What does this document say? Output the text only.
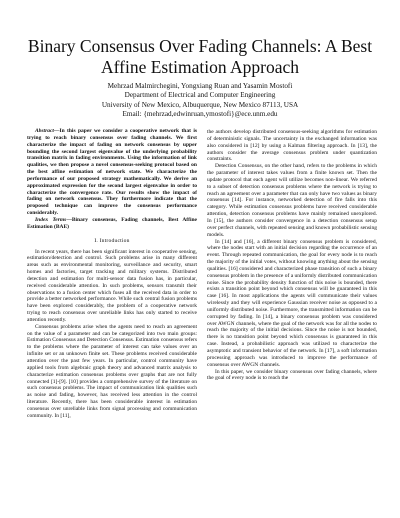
Binary Consensus Over Fading Channels: A Best
Affine Estimation Approach
Mehrzad Malmirchegini, Yongxiang Ruan and Yasamin Mostofi
Department of Electrical and Computer Engineering
University of New Mexico, Albuquerque, New Mexico 87113, USA
Email: {mehrzad,edwinruan,ymostofi}@ece.unm.edu

Abstract—In this paper we consider a cooperative network that is trying to reach binary consensus over fading channels. We first characterize the impact of fading on network consensus by upper bounding the second largest eigenvalue of the underlying probability transition matrix in fading environments. Using the information of link qualities, we then propose a novel consensus-seeking protocol based on the best affine estimation of network state. We characterize the performance of our proposed strategy mathematically. We derive an approximated expression for the second largest eigenvalue in order to characterize the convergence rate. Our results show the impact of fading on network consensus. They furthermore indicate that the proposed technique can improve the consensus performance considerably.

Index Terms—Binary consensus, Fading channels, Best Affine Estimation (BAE)

I. Introduction

In recent years, there has been significant interest in cooperative sensing, estimation/detection and control. Such problems arise in many different areas such as environmental monitoring, surveillance and security, smart homes and factories, target tracking and military systems. Distributed detection and estimation for multi-sensor data fusion has, in particular, received considerable attention. In such problems, sensors transmit their observations to a fusion center which fuses all the received data in order to provide a better networked performance. While such central fusion problems have been explored considerably, the problem of a cooperative network trying to reach consensus over unreliable links has only started to receive attention recently.

Consensus problems arise when the agents need to reach an agreement on the value of a parameter and can be categorized into two main groups: Estimation Consensus and Detection Consensus. Estimation consensus refers to the problems where the parameter of interest can take values over an infinite set or an unknown finite set. These problems received considerable attention over the past few years. In particular, control community have applied tools from algebraic graph theory and advanced matrix analysis to characterize estimation consensus problems over graphs that are not fully connected [1]-[9]. [10] provides a comprehensive survey of the literature on such consensus problems. The impact of communication link qualities such as noise and fading, however, has received less attention in the control literature. Recently, there has been considerable interest in estimation consensus over unreliable links from signal processing and communication community. In [11],

the authors develop distributed consensus-seeking algorithms for estimation of deterministic signals. The uncertainty in the exchanged information was also considered in [12] by using a Kalman filtering approach. In [13], the authors consider the average consensus problem under quantization constraints.

Detection Consensus, on the other hand, refers to the problems in which the parameter of interest takes values from a finite known set. Then the update protocol that each agent will utilize becomes non-linear. We referred to a subset of detection consensus problems where the network is trying to reach an agreement over a parameter that can only have two values as binary consensus [14]. For instance, networked detection of fire falls into this category. While estimation consensus problems have received considerable attention, detection consensus problems have mainly remained unexplored. In [15], the authors consider convergence in a detection consensus setup over perfect channels, with repeated sensing and known probabilistic sensing models.

In [14] and [16], a different binary consensus problem is considered, where the nodes start with an initial decision regarding the occurrence of an event. Through repeated communication, the goal for every node is to reach the majority of the initial votes, without knowing anything about the sensing qualities. [16] considered and characterized phase transition of such a binary consensus problem in the presence of a uniformly distributed communication noise. Since the probability density function of this noise is bounded, there exists a transition point beyond which consensus will be guaranteed in this case [16]. In most applications the agents will communicate their values wirelessly and they will experience Gaussian receiver noise as opposed to a uniformly distributed noise. Furthermore, the transmitted information can be corrupted by fading. In [14], a binary consensus problem was considered over AWGN channels, where the goal of the network was for all the nodes to reach the majority of the initial decisions. Since the noise is not bounded, there is no transition point beyond which consensus is guaranteed in this case. Instead, a probabilistic approach was utilized to characterize the asymptotic and transient behavior of the network. In [17], a soft information processing approach was introduced to improve the performance of consensus over AWGN channels.

In this paper, we consider binary consensus over fading channels, where the goal of every node is to reach the
